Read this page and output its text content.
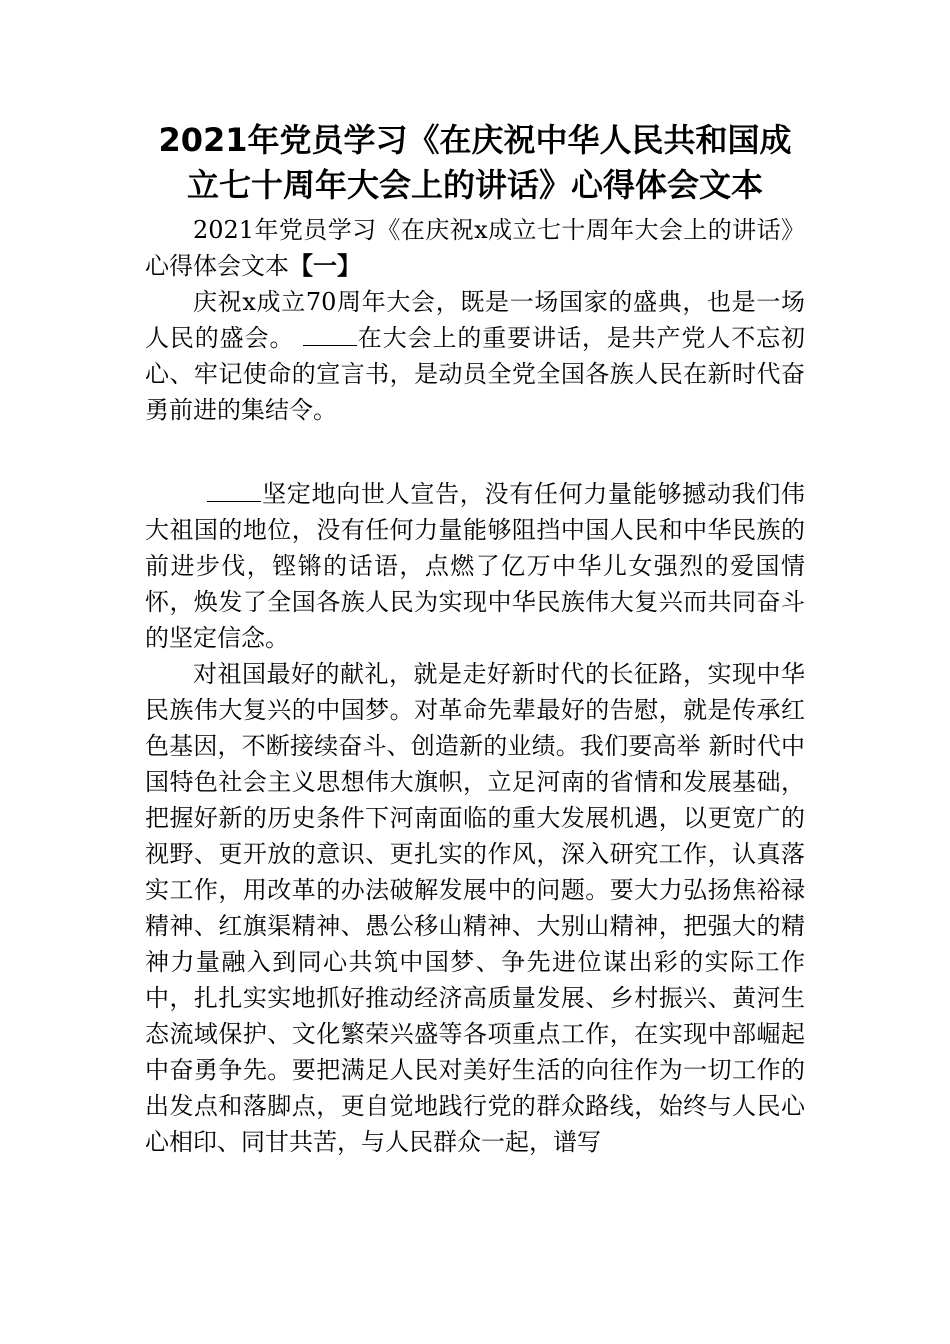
2021年党员学习《在庆祝中华人民共和国成立七十周年大会上的讲话》心得体会文本

2021年党员学习《在庆祝x成立七十周年大会上的讲话》心得体会文本【一】

庆祝x成立70周年大会，既是一场国家的盛典，也是一场人民的盛会。	在大会上的重要讲话，是共产党人不忘初心、牢记使命的宣言书，是动员全党全国各族人民在新时代奋勇前进的集结令。

坚定地向世人宣告，没有任何力量能够撼动我们伟大祖国的地位，没有任何力量能够阻挡中国人民和中华民族的前进步伐，铿锵的话语，点燃了亿万中华儿女强烈的爱国情怀，焕发了全国各族人民为实现中华民族伟大复兴而共同奋斗的坚定信念。

对祖国最好的献礼，就是走好新时代的长征路，实现中华民族伟大复兴的中国梦。对革命先辈最好的告慰，就是传承红色基因，不断接续奋斗、创造新的业绩。我们要高举 新时代中国特色社会主义思想伟大旗帜，立足河南的省情和发展基础，把握好新的历史条件下河南面临的重大发展机遇，以更宽广的视野、更开放的意识、更扎实的作风，深入研究工作，认真落实工作，用改革的办法破解发展中的问题。要大力弘扬焦裕禄精神、红旗渠精神、愚公移山精神、大别山精神，把强大的精神力量融入到同心共筑中国梦、争先进位谋出彩的实际工作中，扎扎实实地抓好推动经济高质量发展、乡村振兴、黄河生态流域保护、文化繁荣兴盛等各项重点工作，在实现中部崛起中奋勇争先。要把满足人民对美好生活的向往作为一切工作的出发点和落脚点，更自觉地践行党的群众路线，始终与人民心心相印、同甘共苦，与人民群众一起，谱写
